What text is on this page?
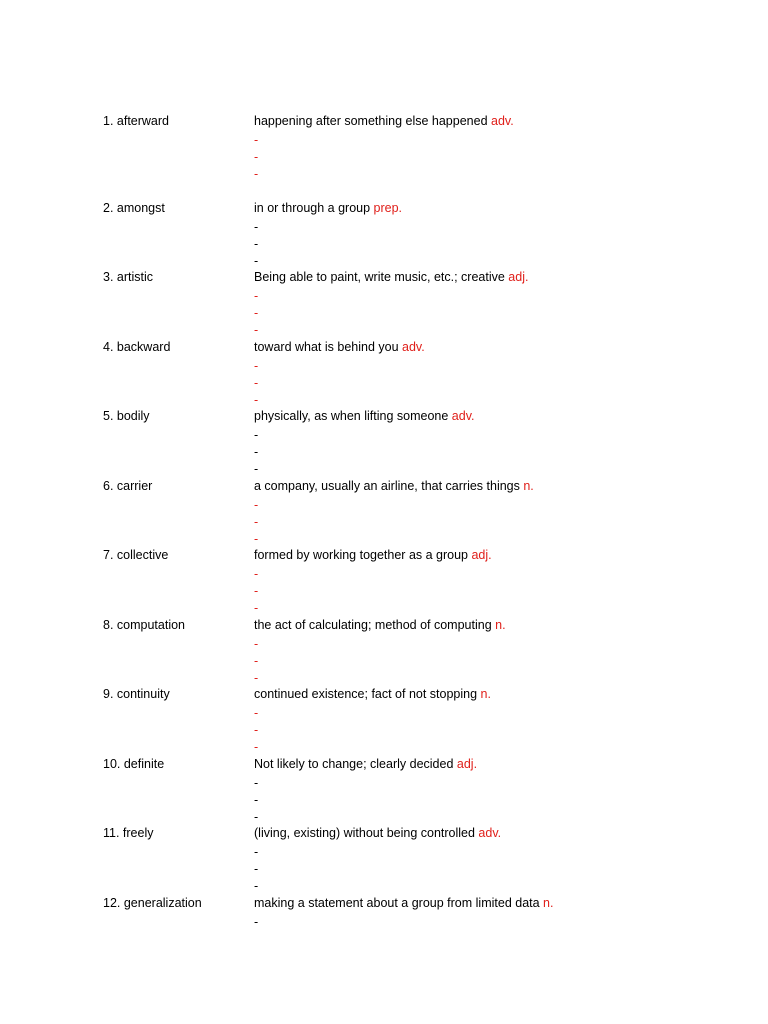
1. afterward	happening after something else happened adv.
-
-
-
2. amongst	in or through a group prep.
-
-
-
3. artistic	Being able to paint, write music, etc.; creative adj.
-
-
-
4. backward	toward what is behind you adv.
-
-
-
5. bodily	physically, as when lifting someone adv.
-
-
-
6. carrier	a company, usually an airline, that carries things n.
-
-
-
7. collective	formed by working together as a group adj.
-
-
-
8. computation	the act of calculating; method of computing n.
-
-
-
9. continuity	continued existence; fact of not stopping n.
-
-
-
10. definite	Not likely to change; clearly decided adj.
-
-
-
11. freely	(living, existing) without being controlled adv.
-
-
-
12. generalization	making a statement about a group from limited data n.
-
